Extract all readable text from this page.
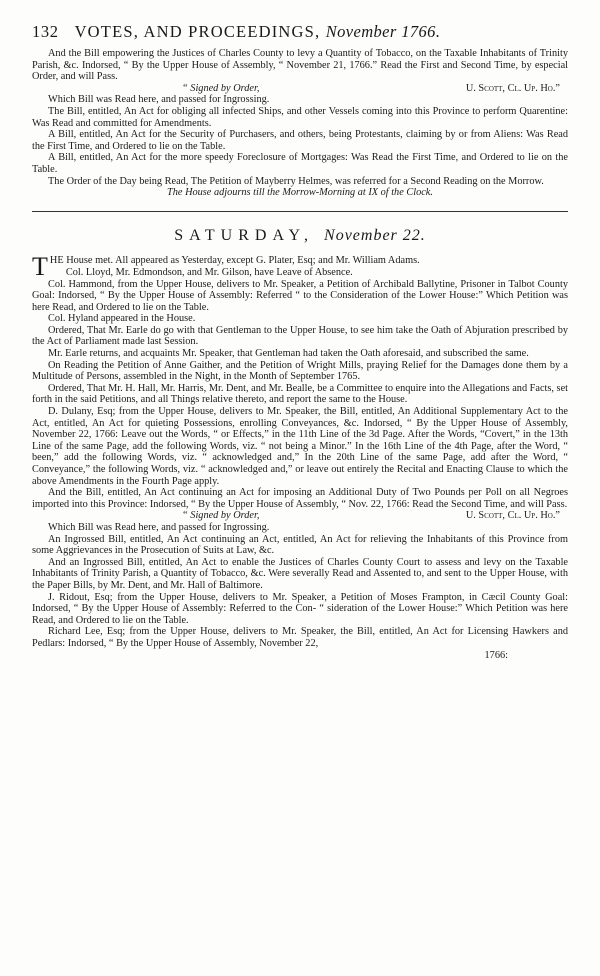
132 VOTES, AND PROCEEDINGS, November 1766.

And the Bill empowering the Justices of Charles County to levy a Quantity of Tobacco, on the Taxable Inhabitants of Trinity Parish, &c. Indorsed, “ By the Upper House of Assembly, “ November 21, 1766.” Read the First and Second Time, by especial Order, and will Pass.

“ Signed by Order,	U. Scott, Cl. Up. Ho.”

Which Bill was Read here, and passed for Ingrossing.

The Bill, entitled, An Act for obliging all infected Ships, and other Vessels coming into this Province to perform Quarentine: Was Read and committed for Amendments.

A Bill, entitled, An Act for the Security of Purchasers, and others, being Protestants, claiming by or from Aliens: Was Read the First Time, and Ordered to lie on the Table.

A Bill, entitled, An Act for the more speedy Foreclosure of Mortgages: Was Read the First Time, and Ordered to lie on the Table.

The Order of the Day being Read, The Petition of Mayberry Helmes, was referred for a Second Reading on the Morrow.

The House adjourns till the Morrow-Morning at IX of the Clock.

SATURDAY, November 22.

THE House met. All appeared as Yesterday, except G. Plater, Esq; and Mr. William Adams.

Col. Lloyd, Mr. Edmondson, and Mr. Gilson, have Leave of Absence.

Col. Hammond, from the Upper House, delivers to Mr. Speaker, a Petition of Archibald Ballytine, Prisoner in Talbot County Goal: Indorsed, “ By the Upper House of Assembly: Referred “ to the Consideration of the Lower House:” Which Petition was here Read, and Ordered to lie on the Table.

Col. Hyland appeared in the House.

Ordered, That Mr. Earle do go with that Gentleman to the Upper House, to see him take the Oath of Abjuration prescribed by the Act of Parliament made last Session.

Mr. Earle returns, and acquaints Mr. Speaker, that Gentleman had taken the Oath aforesaid, and subscribed the same.

On Reading the Petition of Anne Gaither, and the Petition of Wright Mills, praying Relief for the Damages done them by a Multitude of Persons, assembled in the Night, in the Month of September 1765.

Ordered, That Mr. H. Hall, Mr. Harris, Mr. Dent, and Mr. Bealle, be a Committee to enquire into the Allegations and Facts, set forth in the said Petitions, and all Things relative thereto, and report the same to the House.

D. Dulany, Esq; from the Upper House, delivers to Mr. Speaker, the Bill, entitled, An Additional Supplementary Act to the Act, entitled, An Act for quieting Possessions, enrolling Conveyances, &c. Indorsed, “ By the Upper House of Assembly, November 22, 1766: Leave out the Words, “ or Effects,” in the 11th Line of the 3d Page. After the Words, “Covert,” in the 13th Line of the same Page, add the following Words, viz. “ not being a Minor.” In the 16th Line of the 4th Page, after the Word, “ been,” add the following Words, viz. “ acknowledged and,” In the 20th Line of the same Page, add after the Word, “ Conveyance,” the following Words, viz. “ acknowledged and,” or leave out entirely the Recital and Enacting Clause to which the above Amendments in the Fourth Page apply.

And the Bill, entitled, An Act continuing an Act for imposing an Additional Duty of Two Pounds per Poll on all Negroes imported into this Province: Indorsed, “ By the Upper House of Assembly, “ Nov. 22, 1766: Read the Second Time, and will Pass.

“ Signed by Order,	U. Scott, Cl. Up. Ho.”

Which Bill was Read here, and passed for Ingrossing.

An Ingrossed Bill, entitled, An Act continuing an Act, entitled, An Act for relieving the Inhabitants of this Province from some Aggrievances in the Prosecution of Suits at Law, &c.

And an Ingrossed Bill, entitled, An Act to enable the Justices of Charles County Court to assess and levy on the Taxable Inhabitants of Trinity Parish, a Quantity of Tobacco, &c. Were severally Read and Assented to, and sent to the Upper House, with the Paper Bills, by Mr. Dent, and Mr. Hall of Baltimore.

J. Ridout, Esq; from the Upper House, delivers to Mr. Speaker, a Petition of Moses Frampton, in Cæcil County Goal: Indorsed, “ By the Upper House of Assembly: Referred to the Con- “ sideration of the Lower House:” Which Petition was here Read, and Ordered to lie on the Table.

Richard Lee, Esq; from the Upper House, delivers to Mr. Speaker, the Bill, entitled, An Act for Licensing Hawkers and Pedlars: Indorsed, “ By the Upper House of Assembly, November 22,

1766:
